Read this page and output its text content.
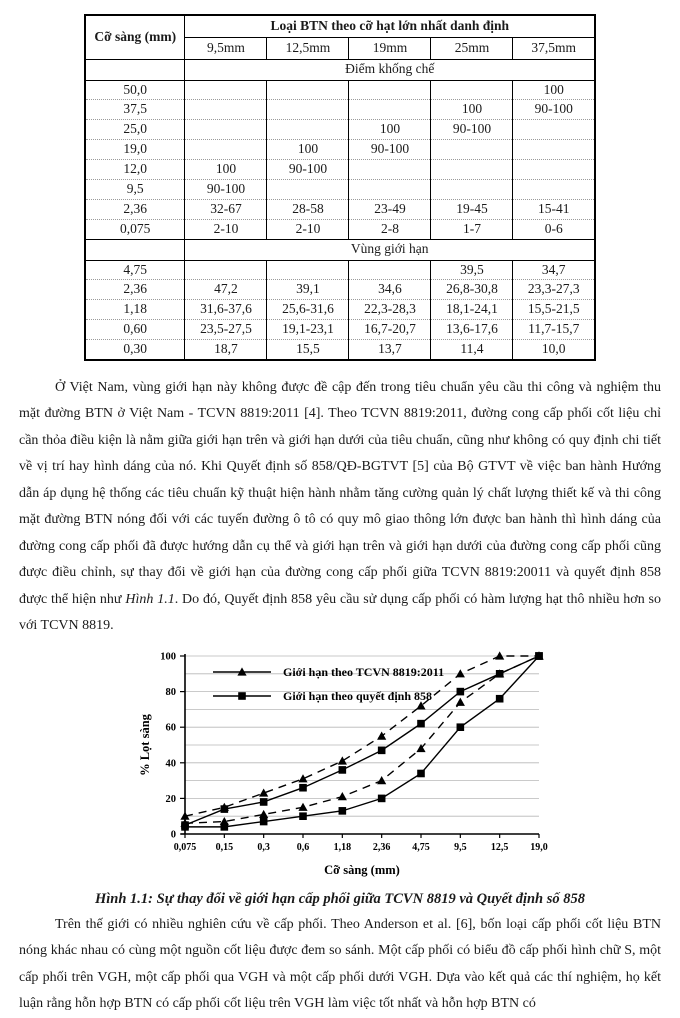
Cỡ sàng (mm)	Loại BTN theo cỡ hạt lớn nhất danh định				
	9,5mm	12,5mm	19mm	25mm	37,5mm
	Điểm khống chế				
50,0					100
37,5				100	90-100
25,0			100	90-100	
19,0		100	90-100		
12,0	100	90-100			
9,5	90-100				
2,36	32-67	28-58	23-49	19-45	15-41
0,075	2-10	2-10	2-8	1-7	0-6
	Vùng giới hạn				
4,75				39,5	34,7
2,36	47,2	39,1	34,6	26,8-30,8	23,3-27,3
1,18	31,6-37,6	25,6-31,6	22,3-28,3	18,1-24,1	15,5-21,5
0,60	23,5-27,5	19,1-23,1	16,7-20,7	13,6-17,6	11,7-15,7
0,30	18,7	15,5	13,7	11,4	10,0

Ở Việt Nam, vùng giới hạn này không được đề cập đến trong tiêu chuẩn yêu cầu thi công và nghiệm thu mặt đường BTN ở Việt Nam - TCVN 8819:2011 [4]. Theo TCVN 8819:2011, đường cong cấp phối cốt liệu chỉ cần thỏa điều kiện là nằm giữa giới hạn trên và giới hạn dưới của tiêu chuẩn, cũng như không có quy định chi tiết về vị trí hay hình dáng của nó. Khi Quyết định số 858/QĐ-BGTVT [5] của Bộ GTVT về việc ban hành Hướng dẫn áp dụng hệ thống các tiêu chuẩn kỹ thuật hiện hành nhằm tăng cường quản lý chất lượng thiết kế và thi công mặt đường BTN nóng đối với các tuyến đường ô tô có quy mô giao thông lớn được ban hành thì hình dáng của đường cong cấp phối đã được hướng dẫn cụ thể và giới hạn trên và giới hạn dưới của đường cong cấp phối cũng được điều chỉnh, sự thay đổi về giới hạn của đường cong cấp phối giữa TCVN 8819:20011 và quyết định 858 được thể hiện như Hình 1.1. Do đó, Quyết định 858 yêu cầu sử dụng cấp phối có hàm lượng hạt thô nhiều hơn so với TCVN 8819.

0
20
40
60
80
100
0,075 0,15 0,3	0,6 1,18 2,36 4,75 9,5 12,5 19,0
Cỡ sàng (mm)
% Lọt sàng
Giới hạn theo TCVN 8819:2011
Giới hạn theo quyết định 858

Hình 1.1: Sự thay đổi về giới hạn cấp phối giữa TCVN 8819 và Quyết định số 858

Trên thế giới có nhiều nghiên cứu về cấp phối. Theo Anderson et al. [6], bốn loại cấp phối cốt liệu BTN nóng khác nhau có cùng một nguồn cốt liệu được đem so sánh. Một cấp phối có biểu đồ cấp phối hình chữ S, một cấp phối trên VGH, một cấp phối qua VGH và một cấp phối dưới VGH. Dựa vào kết quả các thí nghiệm, họ kết luận rằng hỗn hợp BTN có cấp phối cốt liệu trên VGH làm việc tốt nhất và hỗn hợp BTN có
